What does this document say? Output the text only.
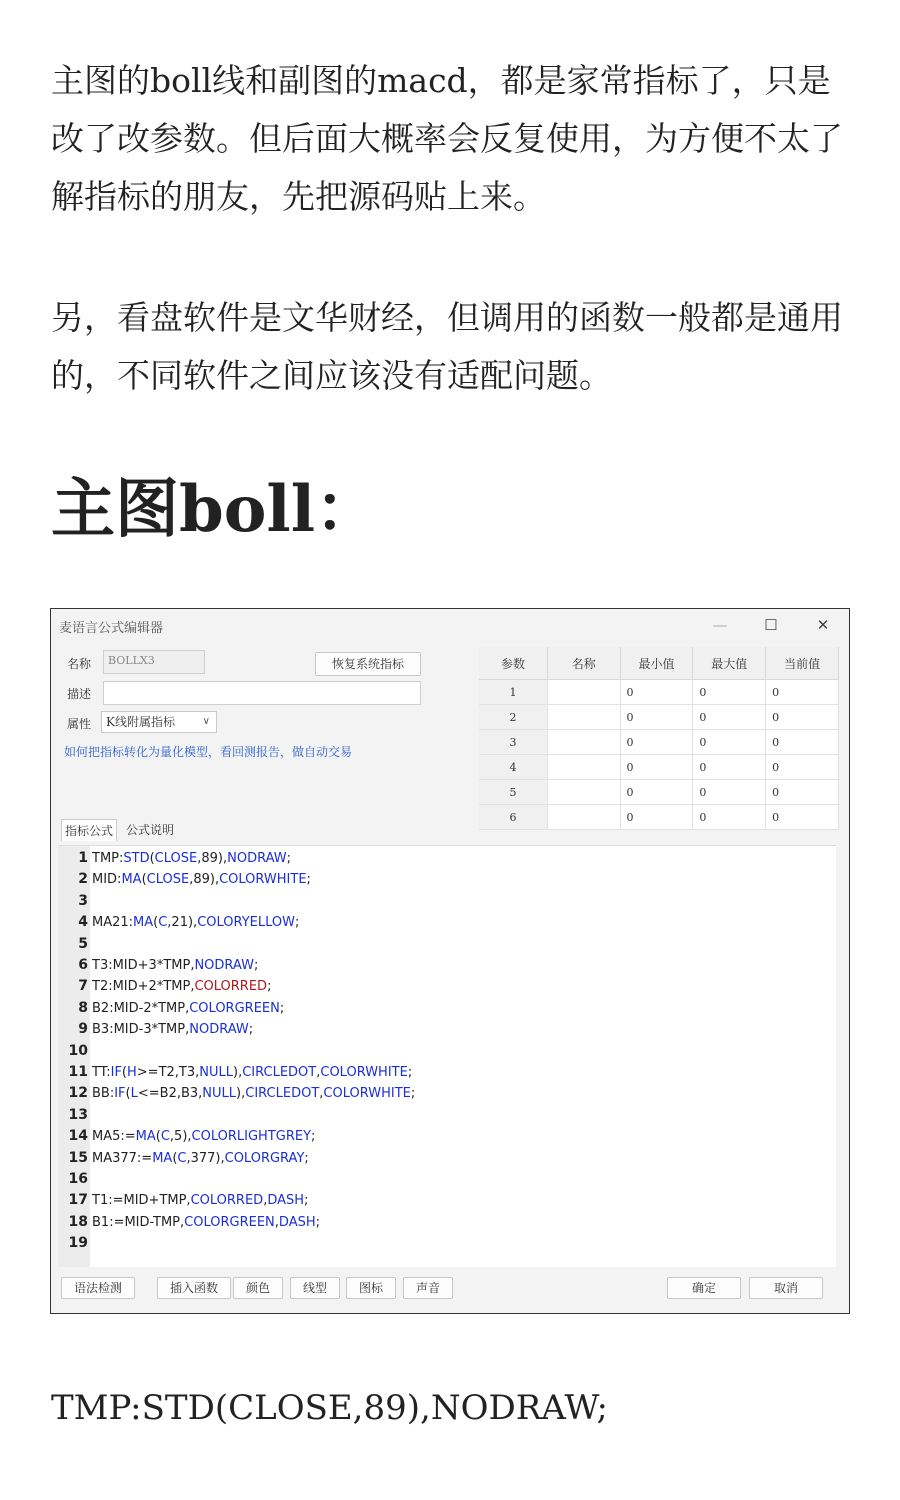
主图的boll线和副图的macd，都是家常指标了，只是改了改参数。但后面大概率会反复使用，为方便不太了解指标的朋友，先把源码贴上来。

另，看盘软件是文华财经，但调用的函数一般都是通用的，不同软件之间应该没有适配问题。

主图boll：
麦语言公式编辑器	—	☐	✕
名称	BOLLX3	恢复系统指标
描述
属性	K线附属指标	∨
如何把指标转化为量化模型，看回测报告，做自动交易
参数	名称	最小值	最大值	当前值
1		0	0	0
2		0	0	0
3		0	0	0
4		0	0	0
5		0	0	0
6		0	0	0
指标公式	公式说明
1 TMP:STD(CLOSE,89),NODRAW;
2 MID:MA(CLOSE,89),COLORWHITE;
3
4 MA21:MA(C,21),COLORYELLOW;
5
6 T3:MID+3*TMP,NODRAW;
7 T2:MID+2*TMP,COLORRED;
8 B2:MID-2*TMP,COLORGREEN;
9 B3:MID-3*TMP,NODRAW;
10
11 TT:IF(H>=T2,T3,NULL),CIRCLEDOT,COLORWHITE;
12 BB:IF(L<=B2,B3,NULL),CIRCLEDOT,COLORWHITE;
13
14 MA5:=MA(C,5),COLORLIGHTGREY;
15 MA377:=MA(C,377),COLORGRAY;
16
17 T1:=MID+TMP,COLORRED,DASH;
18 B1:=MID-TMP,COLORGREEN,DASH;
19
确定	取消
语法检测	插入函数	颜色	线型	图标	声音

TMP:STD(CLOSE,89),NODRAW;
